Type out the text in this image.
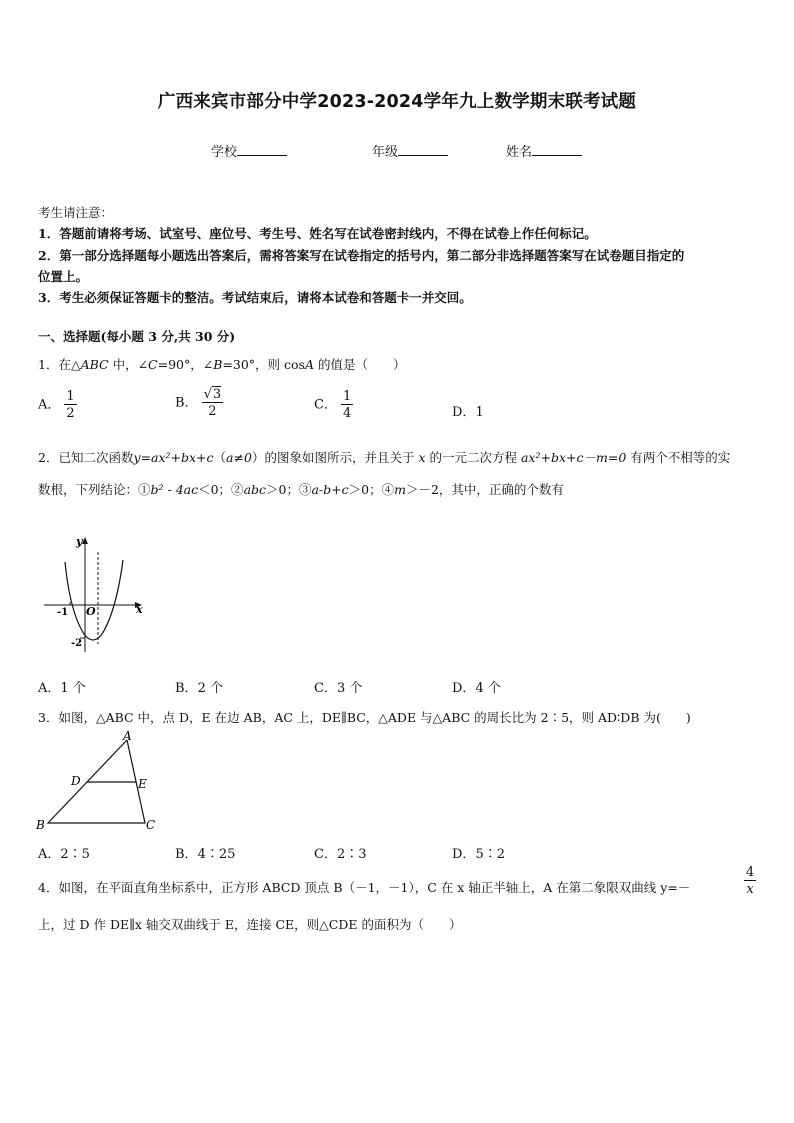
广西来宾市部分中学2023-2024学年九上数学期末联考试题
学校	年级	姓名
考生请注意：
1．答题前请将考场、试室号、座位号、考生号、姓名写在试卷密封线内，不得在试卷上作任何标记。
2．第一部分选择题每小题选出答案后，需将答案写在试卷指定的括号内，第二部分非选择题答案写在试卷题目指定的
位置上。
3．考生必须保证答题卡的整洁。考试结束后，请将本试卷和答题卡一并交回。
一、选择题(每小题 3 分,共 30 分)
1．在△ABC 中，∠C=90°，∠B=30°，则 cosA 的值是（　　）
A． $\frac{1}{2}$	B． $\frac{√3}{2}$	C． $\frac{1}{4}$	D．1
2．已知二次函数y=ax²+bx+c（a≠0）的图象如图所示，并且关于 x 的一元二次方程 ax²+bx+c－m=0 有两个不相等的实
数根，下列结论：①b² - 4ac＜0；②abc＞0；③a-b+c＞0；④m＞－2，其中，正确的个数有
y
x
O
-1
-2
A．1 个	B．2 个	C．3 个	D．4 个
3．如图，△ABC 中，点 D，E 在边 AB，AC 上，DE∥BC，△ADE 与△ABC 的周长比为 2∶5，则 AD∶DB 为(　　)
A
B	C
D	E
A．2∶5	B．4∶25	C．2∶3	D．5∶2
4．如图，在平面直角坐标系中，正方形 ABCD 顶点 B（－1，－1），C 在 x 轴正半轴上，A 在第二象限双曲线 y=－	$\frac{4}{x}$
上，过 D 作 DE∥x 轴交双曲线于 E，连接 CE，则△CDE 的面积为（　　）
